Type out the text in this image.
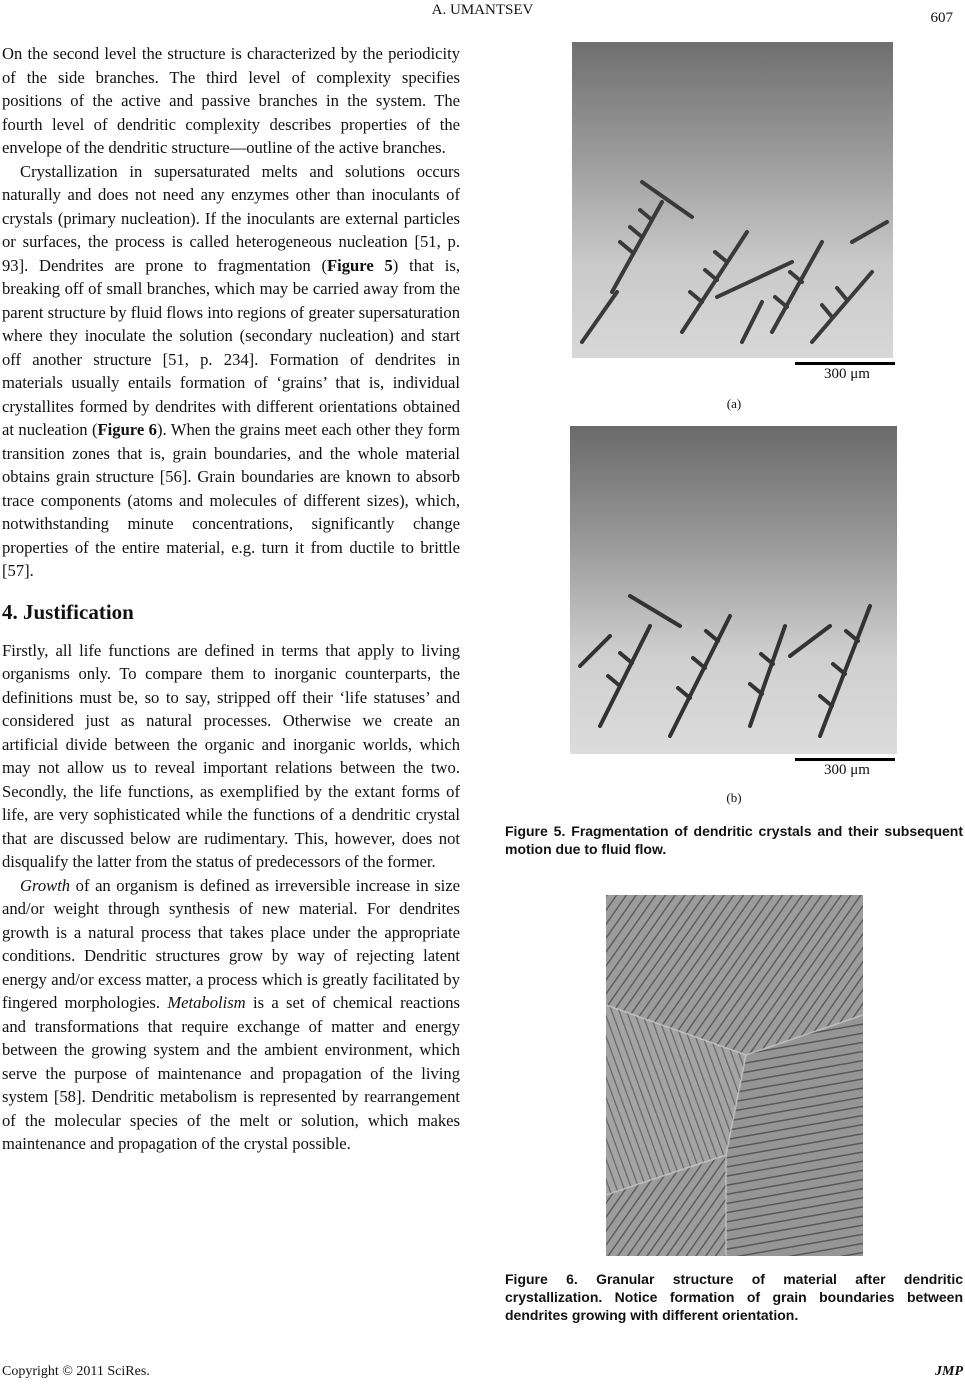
A. UMANTSEV	607

On the second level the structure is characterized by the periodicity of the side branches. The third level of complexity specifies positions of the active and passive branches in the system. The fourth level of dendritic complexity describes properties of the envelope of the dendritic structure—outline of the active branches.

Crystallization in supersaturated melts and solutions occurs naturally and does not need any enzymes other than inoculants of crystals (primary nucleation). If the inoculants are external particles or surfaces, the process is called heterogeneous nucleation [51, p. 93]. Dendrites are prone to fragmentation (Figure 5) that is, breaking off of small branches, which may be carried away from the parent structure by fluid flows into regions of greater supersaturation where they inoculate the solution (secondary nucleation) and start off another structure [51, p. 234]. Formation of dendrites in materials usually entails formation of ‘grains’ that is, individual crystallites formed by dendrites with different orientations obtained at nucleation (Figure 6). When the grains meet each other they form transition zones that is, grain boundaries, and the whole material obtains grain structure [56]. Grain boundaries are known to absorb trace components (atoms and molecules of different sizes), which, notwithstanding minute concentrations, significantly change properties of the entire material, e.g. turn it from ductile to brittle [57].

4. Justification

Firstly, all life functions are defined in terms that apply to living organisms only. To compare them to inorganic counterparts, the definitions must be, so to say, stripped off their ‘life statuses’ and considered just as natural processes. Otherwise we create an artificial divide between the organic and inorganic worlds, which may not allow us to reveal important relations between the two. Secondly, the life functions, as exemplified by the extant forms of life, are very sophisticated while the functions of a dendritic crystal that are discussed below are rudimentary. This, however, does not disqualify the latter from the status of predecessors of the former.

Growth of an organism is defined as irreversible increase in size and/or weight through synthesis of new material. For dendrites growth is a natural process that takes place under the appropriate conditions. Dendritic structures grow by way of rejecting latent energy and/or excess matter, a process which is greatly facilitated by fingered morphologies. Metabolism is a set of chemical reactions and transformations that require exchange of matter and energy between the growing system and the ambient environment, which serve the purpose of maintenance and propagation of the living system [58]. Dendritic metabolism is represented by rearrangement of the molecular species of the melt or solution, which makes maintenance and propagation of the crystal possible.

300 μm
(a)
300 μm
(b)
Figure 5. Fragmentation of dendritic crystals and their subsequent motion due to fluid flow.
Figure 6. Granular structure of material after dendritic crystallization. Notice formation of grain boundaries between dendrites growing with different orientation.
Copyright © 2011 SciRes.	JMP
